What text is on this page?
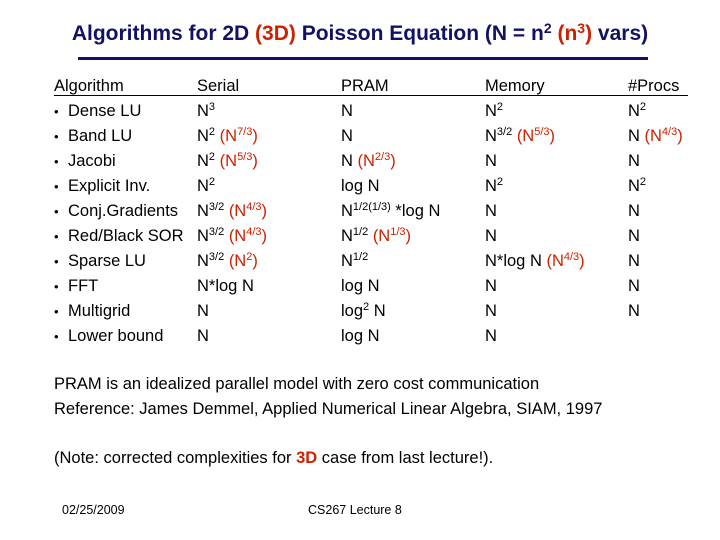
Algorithms for 2D (3D) Poisson Equation ($N = n^2$ $(n^3)$ vars)
Algorithm
• Dense LU
• Band LU
• Jacobi
• Explicit Inv.
• Conj.Gradients
• Red/Black SOR
• Sparse LU
• FFT
• Multigrid
• Lower bound
Serial
$N^3$
$N^2$ $(N^{7/3})$
$N^2$ $(N^{5/3})$
$N^2$
$N^{3/2}$ $(N^{4/3})$
$N^{3/2}$ $(N^{4/3})$
$N^{3/2}$ $(N^2)$
N*log N
N
N
PRAM
N
N
N $(N^{2/3})$
log N
$N^{1/2(1/3)}$ *log N
$N^{1/2}$ $(N^{1/3})$
$N^{1/2}$
log N
$\log^2 N$
log N
Memory
$N^2$
$N^{3/2}$ $(N^{5/3})$
N
$N^2$
N
N
N*log N $(N^{4/3})$
N
N
N
#Procs
$N^2$
N $(N^{4/3})$
N
$N^2$
N
N
N
N
N
PRAM is an idealized parallel model with zero cost communication
Reference: James Demmel, Applied Numerical Linear Algebra, SIAM, 1997
(Note: corrected complexities for 3D case from last lecture!).
02/25/2009	CS267 Lecture 8
